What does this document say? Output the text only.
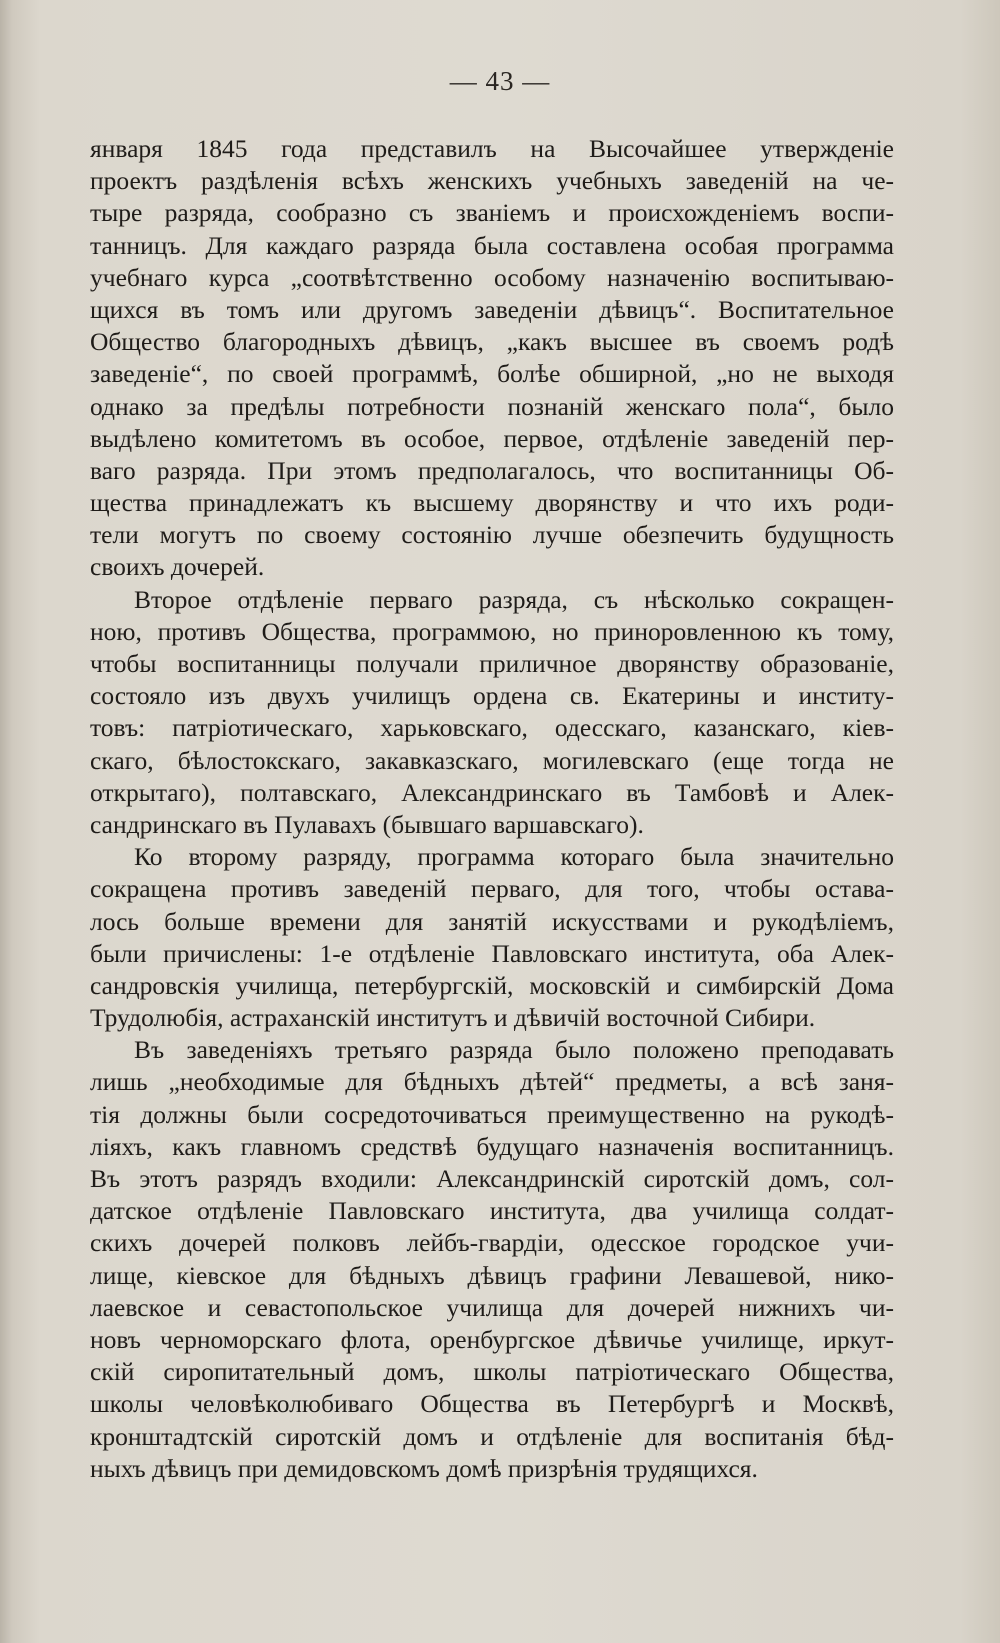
— 43 —
января 1845 года представилъ на Высочайшее утвержденіе
проектъ раздѣленія всѣхъ женскихъ учебныхъ заведеній на че-
тыре разряда, сообразно съ званіемъ и происхожденіемъ воспи-
танницъ. Для каждаго разряда была составлена особая программа
учебнаго курса „соотвѣтственно особому назначенію воспитываю-
щихся въ томъ или другомъ заведеніи дѣвицъ“. Воспитательное
Общество благородныхъ дѣвицъ, „какъ высшее въ своемъ родѣ
заведеніе“, по своей программѣ, болѣе обширной, „но не выходя
однако за предѣлы потребности познаній женскаго пола“, было
выдѣлено комитетомъ въ особое, первое, отдѣленіе заведеній пер-
ваго разряда. При этомъ предполагалось, что воспитанницы Об-
щества принадлежатъ къ высшему дворянству и что ихъ роди-
тели могутъ по своему состоянію лучше обезпечить будущность
своихъ дочерей.
Второе отдѣленіе перваго разряда, съ нѣсколько сокращен-
ною, противъ Общества, программою, но приноровленною къ тому,
чтобы воспитанницы получали приличное дворянству образованіе,
состояло изъ двухъ училищъ ордена св. Екатерины и институ-
товъ: патріотическаго, харьковскаго, одесскаго, казанскаго, кіев-
скаго, бѣлостокскаго, закавказскаго, могилевскаго (еще тогда не
открытаго), полтавскаго, Александринскаго въ Тамбовѣ и Алек-
сандринскаго въ Пулавахъ (бывшаго варшавскаго).
Ко второму разряду, программа котораго была значительно
сокращена противъ заведеній перваго, для того, чтобы остава-
лось больше времени для занятій искусствами и рукодѣліемъ,
были причислены: 1-е отдѣленіе Павловскаго института, оба Алек-
сандровскія училища, петербургскій, московскій и симбирскій Дома
Трудолюбія, астраханскій институтъ и дѣвичій восточной Сибири.
Въ заведеніяхъ третьяго разряда было положено преподавать
лишь „необходимые для бѣдныхъ дѣтей“ предметы, а всѣ заня-
тія должны были сосредоточиваться преимущественно на рукодѣ-
ліяхъ, какъ главномъ средствѣ будущаго назначенія воспитанницъ.
Въ этотъ разрядъ входили: Александринскій сиротскій домъ, сол-
датское отдѣленіе Павловскаго института, два училища солдат-
скихъ дочерей полковъ лейбъ-гвардіи, одесское городское учи-
лище, кіевское для бѣдныхъ дѣвицъ графини Левашевой, нико-
лаевское и севастопольское училища для дочерей нижнихъ чи-
новъ черноморскаго флота, оренбургское дѣвичье училище, иркут-
скій сиропитательный домъ, школы патріотическаго Общества,
школы человѣколюбиваго Общества въ Петербургѣ и Москвѣ,
кронштадтскій сиротскій домъ и отдѣленіе для воспитанія бѣд-
ныхъ дѣвицъ при демидовскомъ домѣ призрѣнія трудящихся.
